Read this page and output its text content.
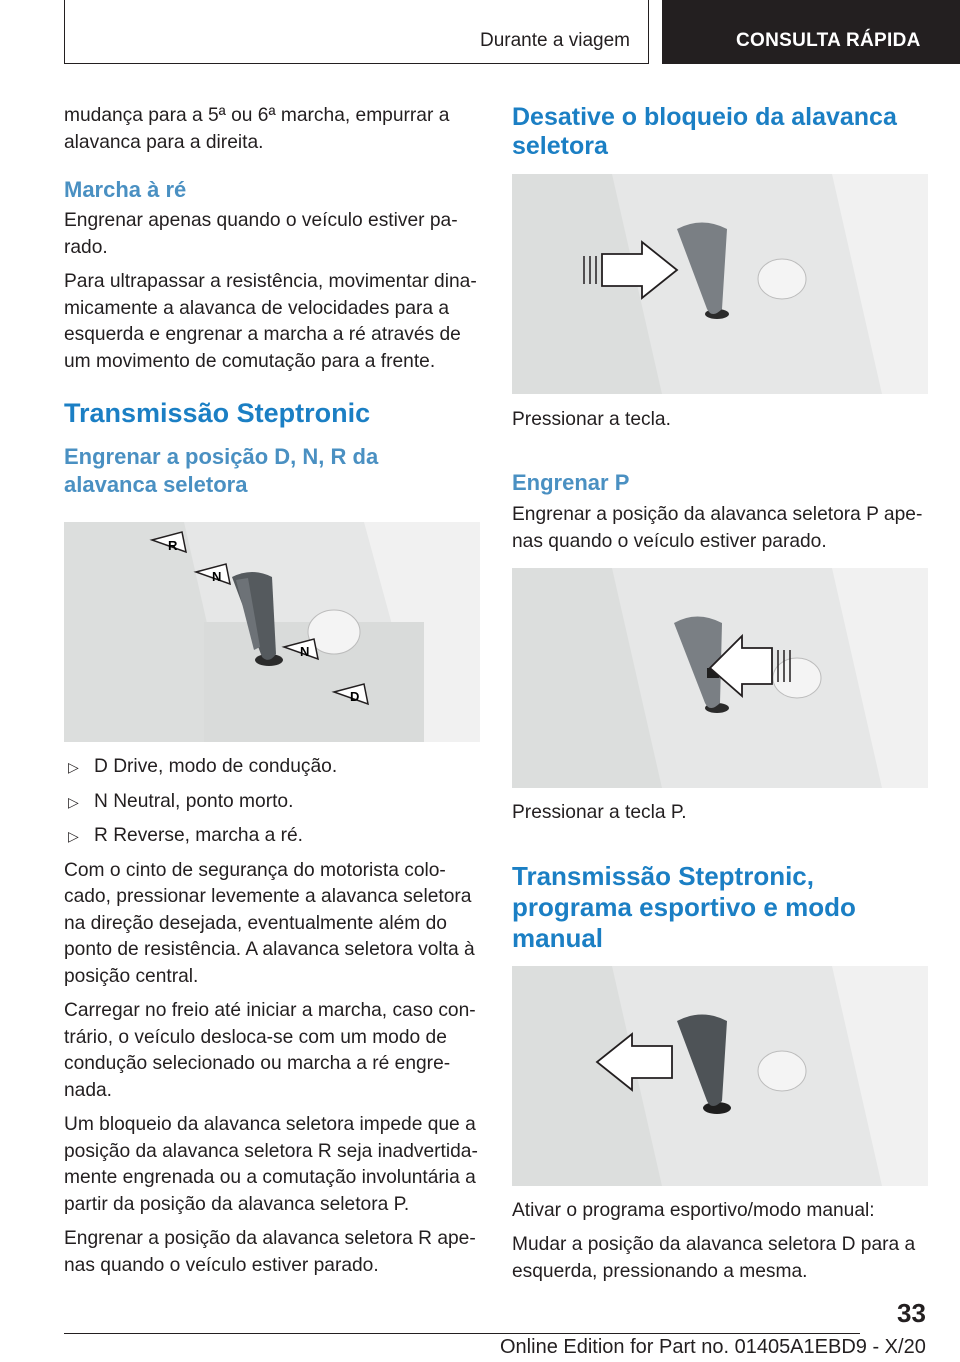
Durante a viagem	CONSULTA RÁPIDA

mudança para a 5ª ou 6ª marcha, empurrar a alavanca para a direita.

Marcha à ré

Engrenar apenas quando o veículo estiver parado.

Para ultrapassar a resistência, movimentar dinamicamente a alavanca de velocidades para a esquerda e engrenar a marcha a ré através de um movimento de comutação para a frente.

Transmissão Steptronic
Engrenar a posição D, N, R da alavanca seletora
R
N
N
D
▷ D Drive, modo de condução.
▷ N Neutral, ponto morto.
▷ R Reverse, marcha a ré.

Com o cinto de segurança do motorista colocado, pressionar levemente a alavanca seletora na direção desejada, eventualmente além do ponto de resistência. A alavanca seletora volta à posição central.

Carregar no freio até iniciar a marcha, caso contrário, o veículo desloca-se com um modo de condução selecionado ou marcha a ré engrenada.

Um bloqueio da alavanca seletora impede que a posição da alavanca seletora R seja inadvertidamente engrenada ou a comutação involuntária a partir da posição da alavanca seletora P.

Engrenar a posição da alavanca seletora R apenas quando o veículo estiver parado.

Desative o bloqueio da alavanca seletora

Pressionar a tecla.

Engrenar P

Engrenar a posição da alavanca seletora P apenas quando o veículo estiver parado.

Pressionar a tecla P.

Transmissão Steptronic, programa esportivo e modo manual

Ativar o programa esportivo/modo manual:

Mudar a posição da alavanca seletora D para a esquerda, pressionando a mesma.

33
Online Edition for Part no. 01405A1EBD9 - X/20
